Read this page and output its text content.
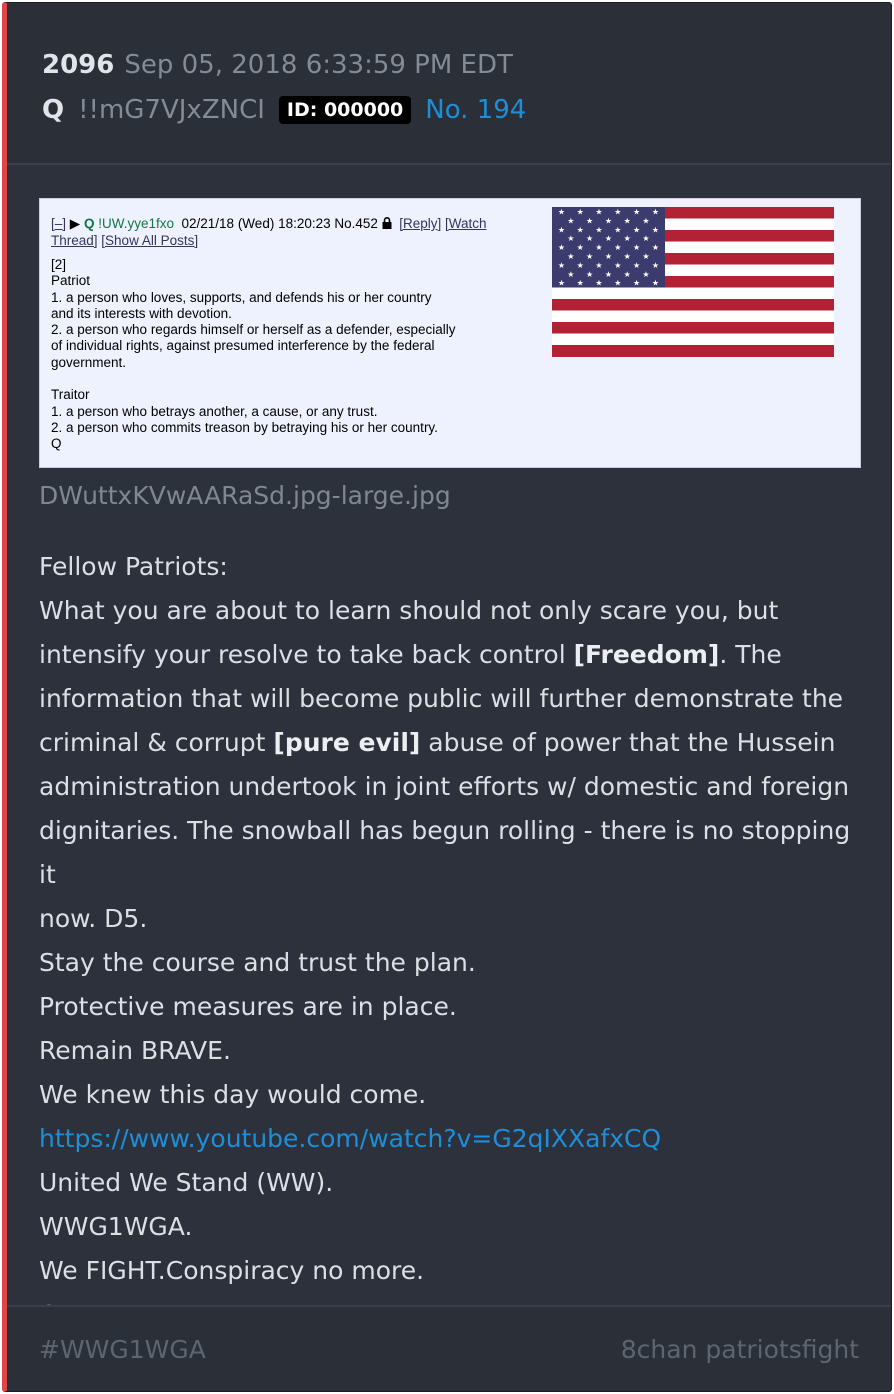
2096 Sep 05, 2018 6:33:59 PM EDT
Q !!mG7VJxZNCI	ID: 000000 No. 194
[–] ▶ Q !UW.yye1fxo 02/21/18 (Wed) 18:20:23 No.452 [Reply] [Watch
Thread] [Show All Posts]

[2]

Patriot

1. a person who loves, supports, and defends his or her country

and its interests with devotion.

2. a person who regards himself or herself as a defender, especially

of individual rights, against presumed interference by the federal

government.

Traitor

1. a person who betrays another, a cause, or any trust.

2. a person who commits treason by betraying his or her country.

Q

★ ★ ★ ★ ★ ★
★ ★ ★ ★ ★
★ ★ ★ ★ ★ ★
★ ★ ★ ★ ★
★ ★ ★ ★ ★ ★
★ ★ ★ ★ ★
★ ★ ★ ★ ★ ★
★ ★ ★ ★ ★
★ ★ ★ ★ ★ ★
DWuttxKVwAARaSd.jpg-large.jpg
Fellow Patriots:
What you are about to learn should not only scare you, but
intensify your resolve to take back control [Freedom]. The
information that will become public will further demonstrate the
criminal & corrupt [pure evil] abuse of power that the Hussein
administration undertook in joint efforts w/ domestic and foreign
dignitaries. The snowball has begun rolling - there is no stopping it
now. D5.
Stay the course and trust the plan.
Protective measures are in place.
Remain BRAVE.
We knew this day would come.
https://www.youtube.com/watch?v=G2qIXXafxCQ
United We Stand (WW).
WWG1WGA.
We FIGHT.Conspiracy no more.
#WWG1WGA	8chan patriotsfight
